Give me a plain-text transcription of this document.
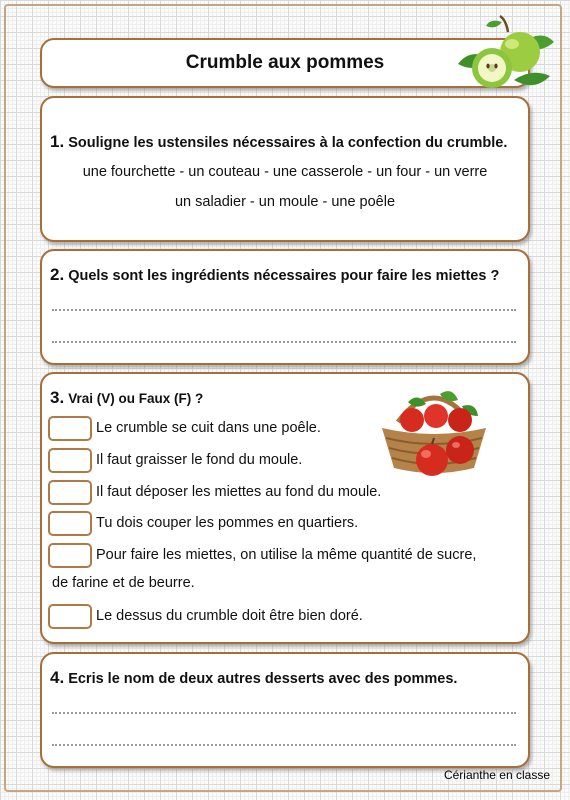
Crumble aux pommes
1. Souligne les ustensiles nécessaires à la confection du crumble.
une fourchette - un couteau - une casserole - un four - un verre
un saladier - un moule - une poêle
2. Quels sont les ingrédients nécessaires pour faire les miettes ?
3. Vrai (V) ou Faux (F) ?
Le crumble se cuit dans une poêle.
Il faut graisser le fond du moule.
Il faut déposer les miettes au fond du moule.
Tu dois couper les pommes en quartiers.
Pour faire les miettes, on utilise la même quantité de sucre,
de farine et de beurre.
Le dessus du crumble doit être bien doré.
4. Ecris le nom de deux autres desserts avec des pommes.
Cérianthe en classe
